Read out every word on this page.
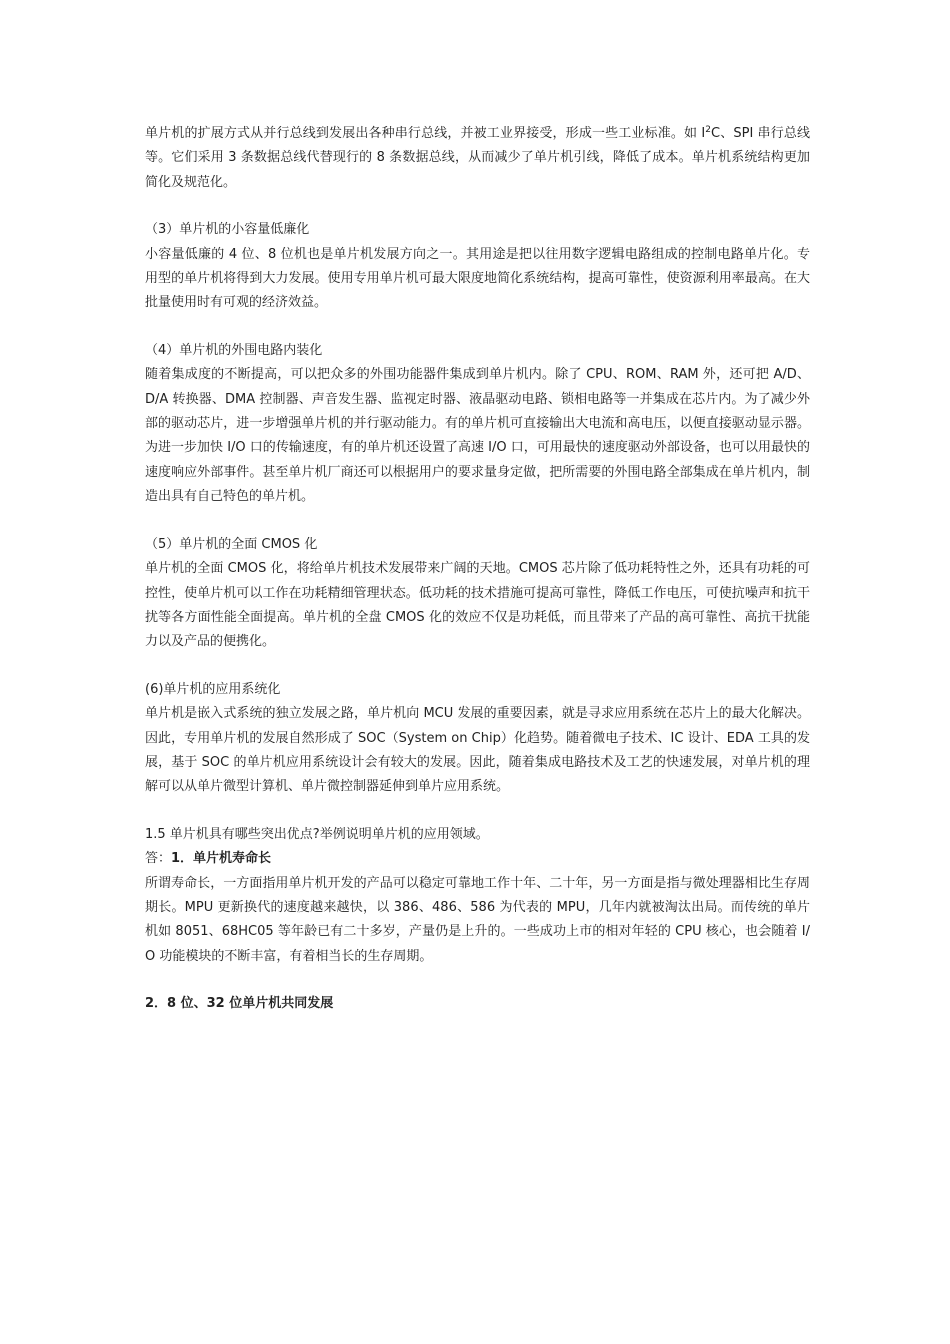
单片机的扩展方式从并行总线到发展出各种串行总线，并被工业界接受，形成一些工业标准。如 $I^2C$、SPI 串行总线等。它们采用 3 条数据总线代替现行的 8 条数据总线，从而减少了单片机引线，降低了成本。单片机系统结构更加简化及规范化。

（3）单片机的小容量低廉化

小容量低廉的 4 位、8 位机也是单片机发展方向之一。其用途是把以往用数字逻辑电路组成的控制电路单片化。专用型的单片机将得到大力发展。使用专用单片机可最大限度地简化系统结构，提高可靠性，使资源利用率最高。在大批量使用时有可观的经济效益。

（4）单片机的外围电路内装化

随着集成度的不断提高，可以把众多的外围功能器件集成到单片机内。除了 CPU、ROM、RAM 外，还可把 A/D、D/A 转换器、DMA 控制器、声音发生器、监视定时器、液晶驱动电路、锁相电路等一并集成在芯片内。为了减少外部的驱动芯片，进一步增强单片机的并行驱动能力。有的单片机可直接输出大电流和高电压，以便直接驱动显示器。为进一步加快 I/O 口的传输速度，有的单片机还设置了高速 I/O 口，可用最快的速度驱动外部设备，也可以用最快的速度响应外部事件。甚至单片机厂商还可以根据用户的要求量身定做，把所需要的外围电路全部集成在单片机内，制造出具有自己特色的单片机。

（5）单片机的全面 CMOS 化

单片机的全面 CMOS 化，将给单片机技术发展带来广阔的天地。CMOS 芯片除了低功耗特性之外，还具有功耗的可控性，使单片机可以工作在功耗精细管理状态。低功耗的技术措施可提高可靠性，降低工作电压，可使抗噪声和抗干扰等各方面性能全面提高。单片机的全盘 CMOS 化的效应不仅是功耗低，而且带来了产品的高可靠性、高抗干扰能力以及产品的便携化。

(6)单片机的应用系统化

单片机是嵌入式系统的独立发展之路，单片机向 MCU 发展的重要因素，就是寻求应用系统在芯片上的最大化解决。因此，专用单片机的发展自然形成了 SOC（System on Chip）化趋势。随着微电子技术、IC 设计、EDA 工具的发展，基于 SOC 的单片机应用系统设计会有较大的发展。因此，随着集成电路技术及工艺的快速发展，对单片机的理解可以从单片微型计算机、单片微控制器延伸到单片应用系统。

1.5 单片机具有哪些突出优点?举例说明单片机的应用领域。

答：1．单片机寿命长

所谓寿命长，一方面指用单片机开发的产品可以稳定可靠地工作十年、二十年，另一方面是指与微处理器相比生存周期长。MPU 更新换代的速度越来越快，以 386、486、586 为代表的 MPU，几年内就被淘汰出局。而传统的单片机如 8051、68HC05 等年龄已有二十多岁，产量仍是上升的。一些成功上市的相对年轻的 CPU 核心，也会随着 I/O 功能模块的不断丰富，有着相当长的生存周期。

2．8 位、32 位单片机共同发展
